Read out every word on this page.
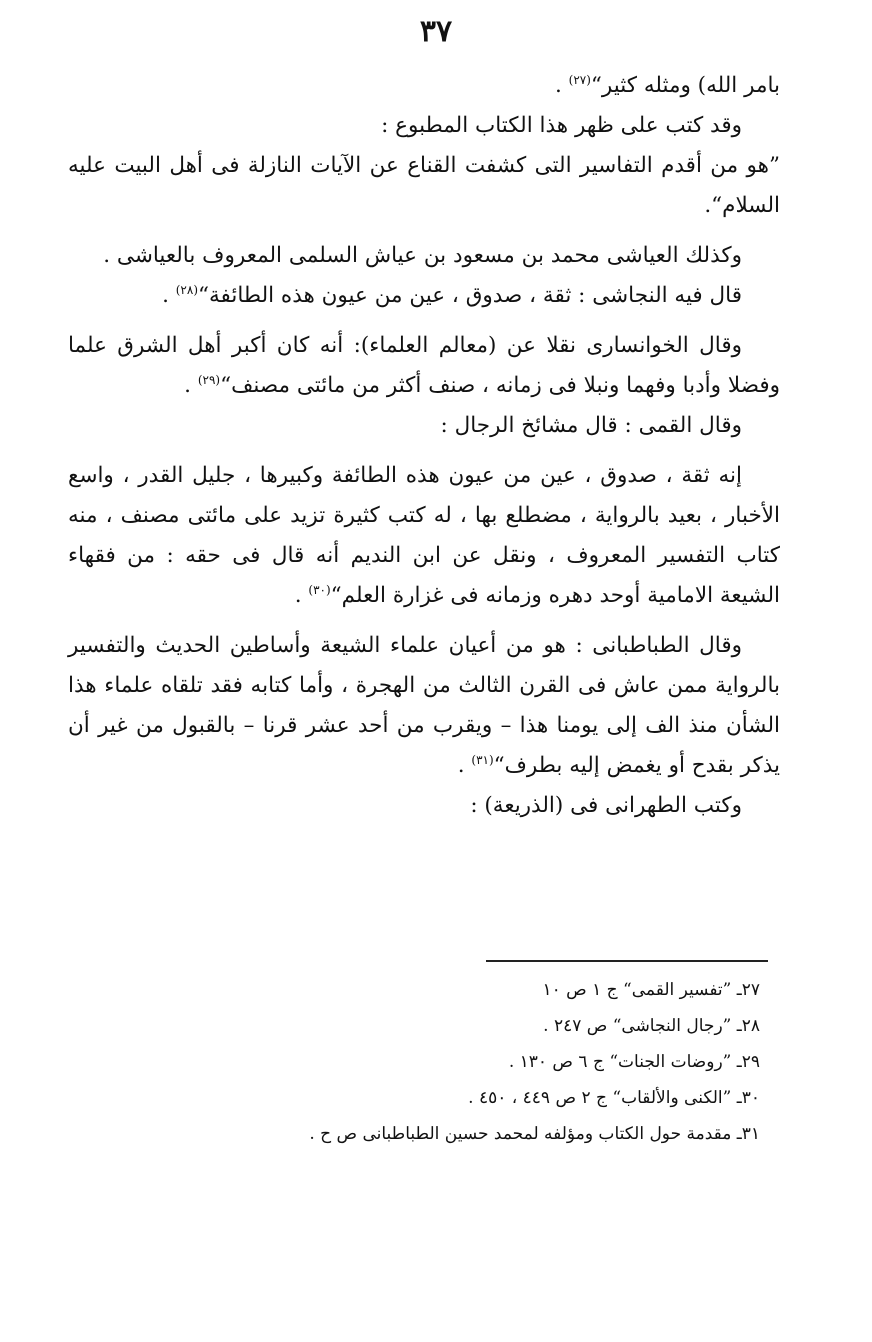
٣٧

بامر الله) ومثله كثير“$^{(٢٧)}$ .

وقد كتب على ظهر هذا الكتاب المطبوع :

”هو من أقدم التفاسير التى كشفت القناع عن الآيات النازلة فى أهل البيت عليه السلام“.

وكذلك العياشى محمد بن مسعود بن عياش السلمى المعروف بالعياشى .

قال فيه النجاشى : ثقة ، صدوق ، عين من عيون هذه الطائفة“$^{(٢٨)}$ .

وقال الخوانسارى نقلا عن (معالم العلماء): أنه كان أكبر أهل الشرق علما وفضلا وأدبا وفهما ونبلا فى زمانه ، صنف أكثر من مائتى مصنف“$^{(٢٩)}$ .

وقال القمى : قال مشائخ الرجال :

إنه ثقة ، صدوق ، عين من عيون هذه الطائفة وكبيرها ، جليل القدر ، واسع الأخبار ، بعيد بالرواية ، مضطلع بها ، له كتب كثيرة تزيد على مائتى مصنف ، منه كتاب التفسير المعروف ، ونقل عن ابن النديم أنه قال فى حقه : من فقهاء الشيعة الامامية أوحد دهره وزمانه فى غزارة العلم“$^{(٣٠)}$ .

وقال الطباطبانى : هو من أعيان علماء الشيعة وأساطين الحديث والتفسير بالرواية ممن عاش فى القرن الثالث من الهجرة ، وأما كتابه فقد تلقاه علماء هذا الشأن منذ الف إلى يومنا هذا – ويقرب من أحد عشر قرنا – بالقبول من غير أن يذكر بقدح أو يغمض إليه بطرف“$^{(٣١)}$ .

وكتب الطهرانى فى (الذريعة) :

٢٧ـ ”تفسير القمى“ ج ١ ص ١٠

٢٨ـ ”رجال النجاشى“ ص ٢٤٧ .

٢٩ـ ”روضات الجنات“ ج ٦ ص ١٣٠ .

٣٠ـ ”الكنى والألقاب“ ج ٢ ص ٤٤٩ ، ٤٥٠ .

٣١ـ مقدمة حول الكتاب ومؤلفه لمحمد حسين الطباطبانى ص ح .
